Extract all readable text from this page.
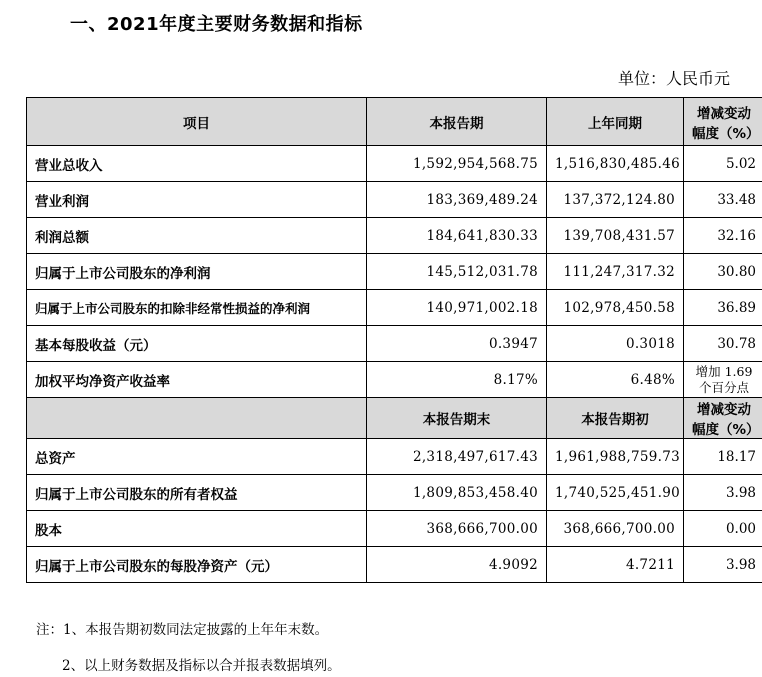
一、2021年度主要财务数据和指标
单位：人民币元
项目	本报告期	上年同期	增减变动幅度（%）
营业总收入	1,592,954,568.75	1,516,830,485.46	5.02
营业利润	183,369,489.24	137,372,124.80	33.48
利润总额	184,641,830.33	139,708,431.57	32.16
归属于上市公司股东的净利润	145,512,031.78	111,247,317.32	30.80
归属于上市公司股东的扣除非经常性损益的净利润	140,971,002.18	102,978,450.58	36.89
基本每股收益（元）	0.3947	0.3018	30.78
加权平均净资产收益率	8.17%	6.48%	增加 1.69 个百分点
	本报告期末	本报告期初	增减变动幅度（%）
总资产	2,318,497,617.43	1,961,988,759.73	18.17
归属于上市公司股东的所有者权益	1,809,853,458.40	1,740,525,451.90	3.98
股本	368,666,700.00	368,666,700.00	0.00
归属于上市公司股东的每股净资产（元）	4.9092	4.7211	3.98
注：1、本报告期初数同法定披露的上年年末数。
2、以上财务数据及指标以合并报表数据填列。
